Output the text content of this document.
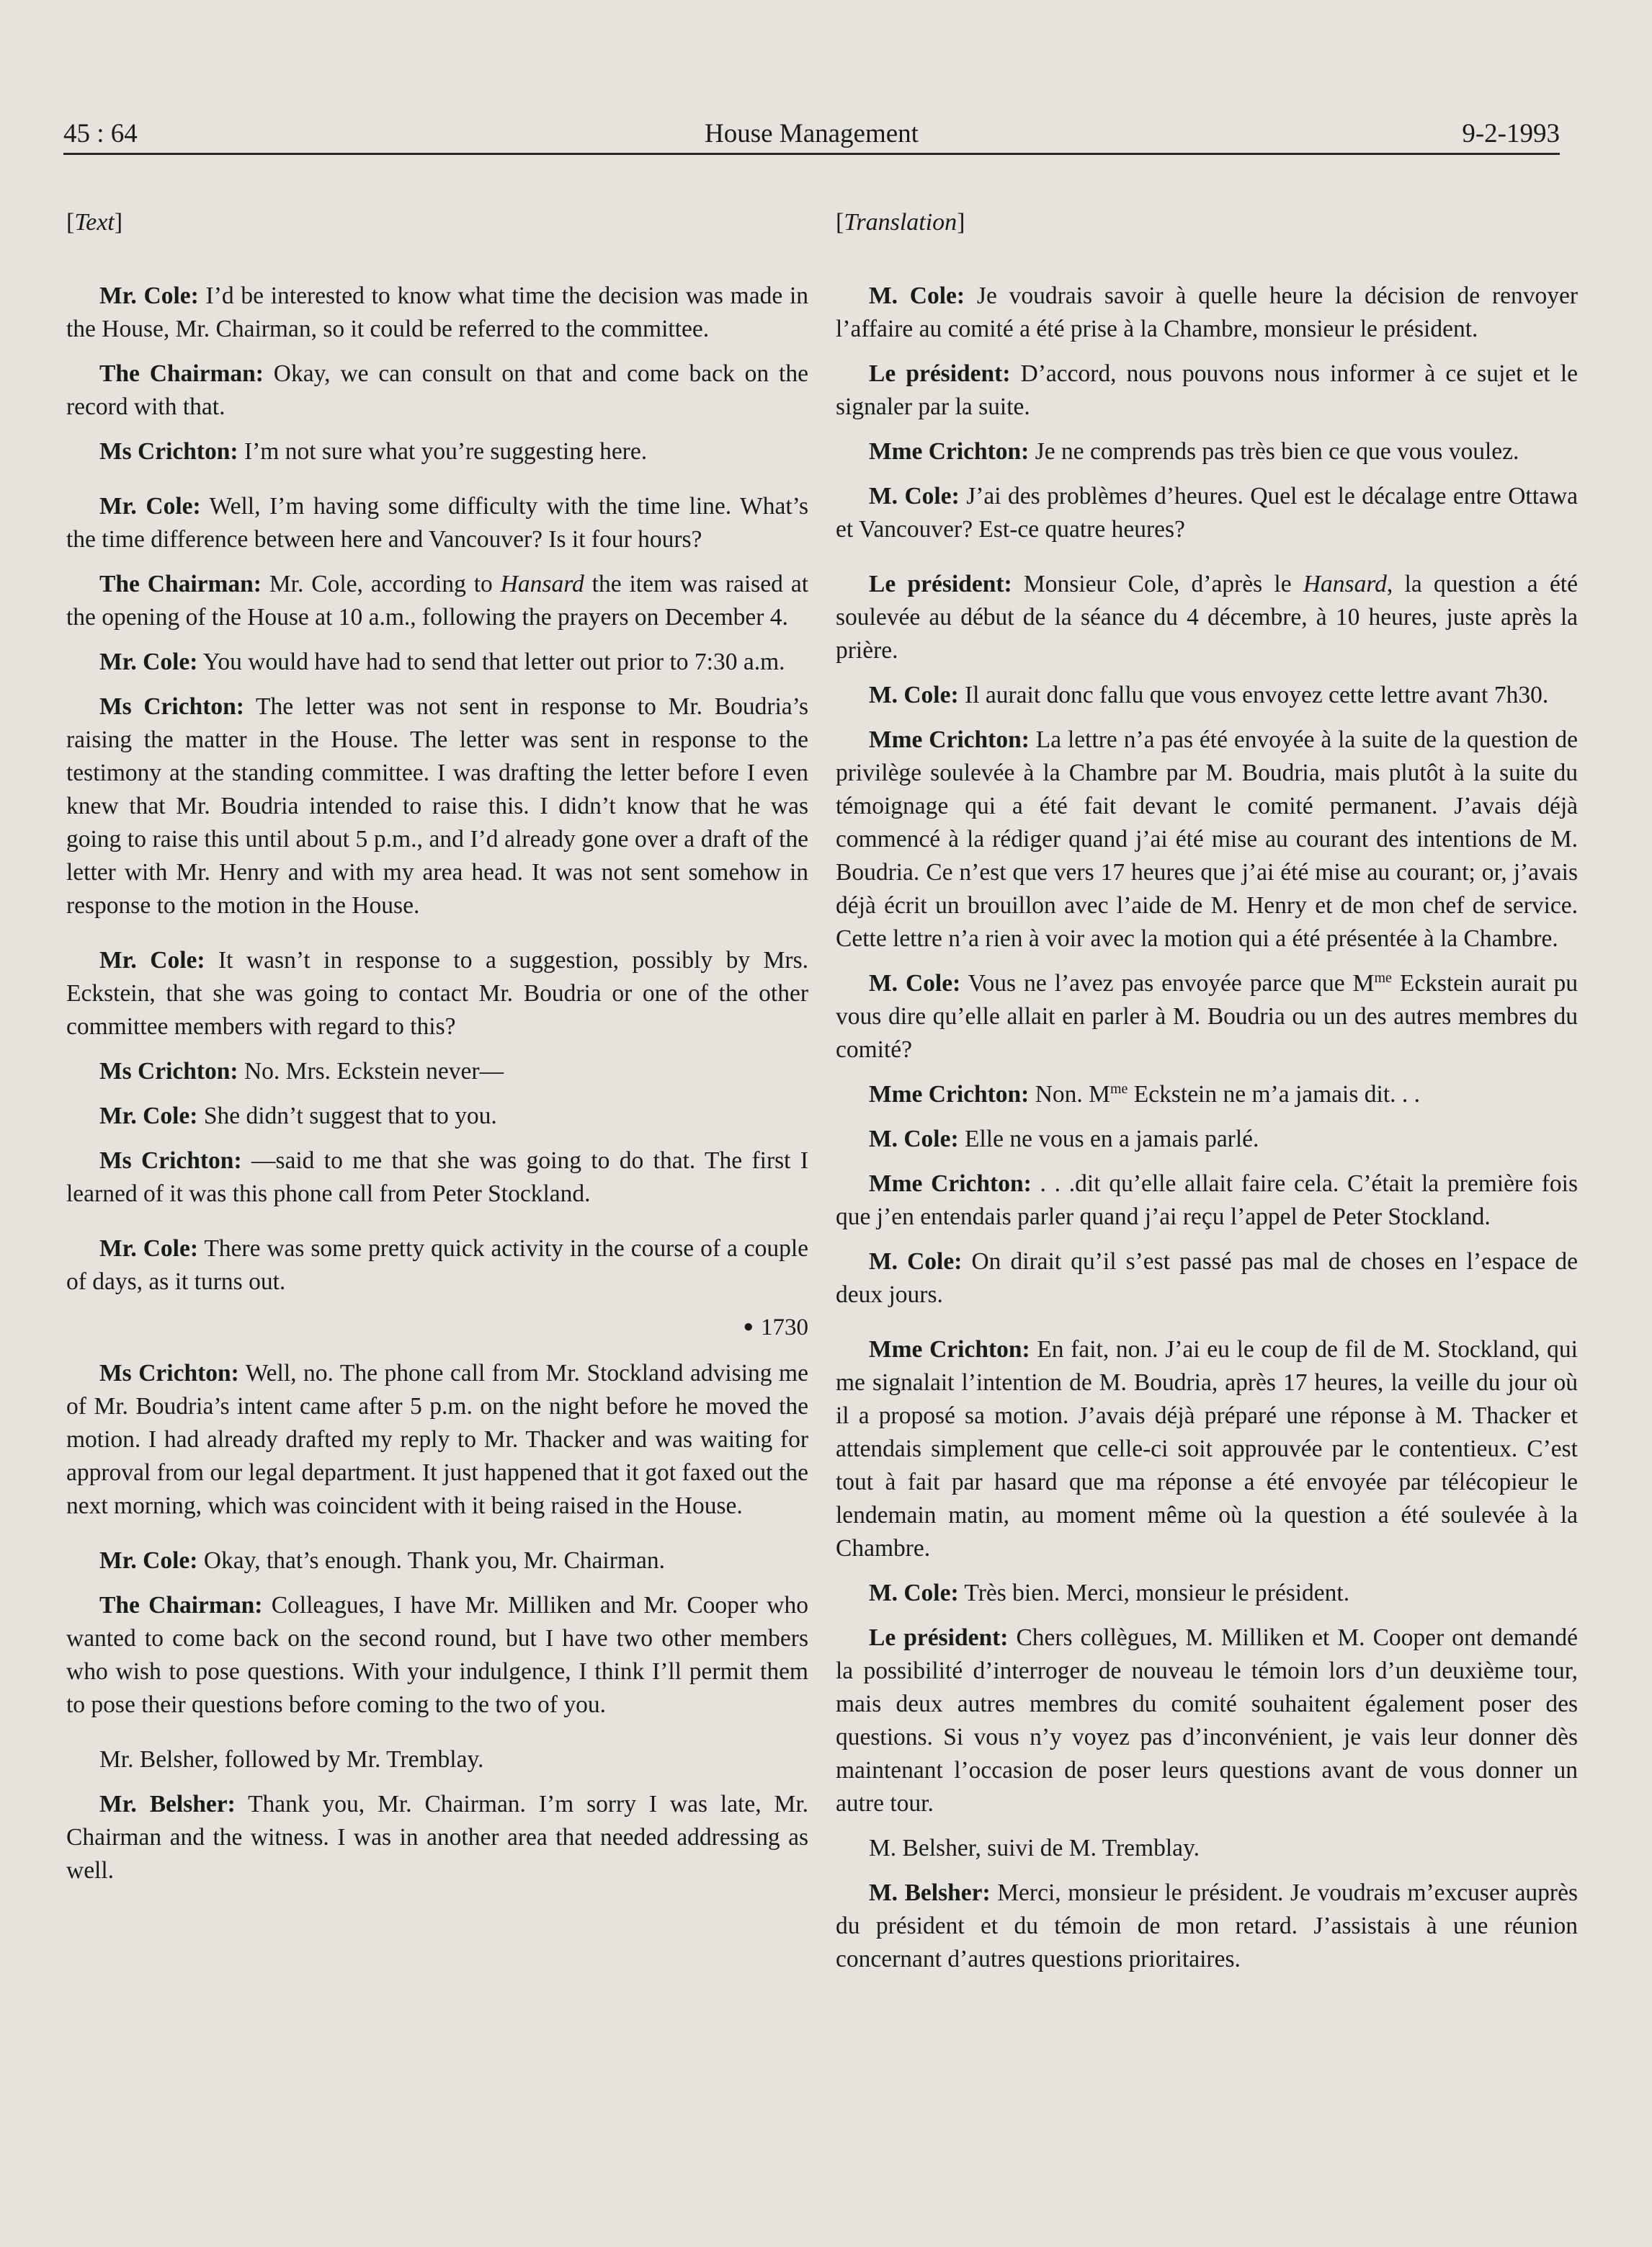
45 : 64	House Management	9-2-1993
[Text]

Mr. Cole: I’d be interested to know what time the decision was made in the House, Mr. Chairman, so it could be referred to the committee.

The Chairman: Okay, we can consult on that and come back on the record with that.

Ms Crichton: I’m not sure what you’re suggesting here.

Mr. Cole: Well, I’m having some difficulty with the time line. What’s the time difference between here and Vancouver? Is it four hours?

The Chairman: Mr. Cole, according to Hansard the item was raised at the opening of the House at 10 a.m., following the prayers on December 4.

Mr. Cole: You would have had to send that letter out prior to 7:30 a.m.

Ms Crichton: The letter was not sent in response to Mr. Boudria’s raising the matter in the House. The letter was sent in response to the testimony at the standing committee. I was drafting the letter before I even knew that Mr. Boudria intended to raise this. I didn’t know that he was going to raise this until about 5 p.m., and I’d already gone over a draft of the letter with Mr. Henry and with my area head. It was not sent somehow in response to the motion in the House.

Mr. Cole: It wasn’t in response to a suggestion, possibly by Mrs. Eckstein, that she was going to contact Mr. Boudria or one of the other committee members with regard to this?

Ms Crichton: No. Mrs. Eckstein never—

Mr. Cole: She didn’t suggest that to you.

Ms Crichton: —said to me that she was going to do that. The first I learned of it was this phone call from Peter Stockland.

Mr. Cole: There was some pretty quick activity in the course of a couple of days, as it turns out.

● 1730

Ms Crichton: Well, no. The phone call from Mr. Stockland advising me of Mr. Boudria’s intent came after 5 p.m. on the night before he moved the motion. I had already drafted my reply to Mr. Thacker and was waiting for approval from our legal department. It just happened that it got faxed out the next morning, which was coincident with it being raised in the House.

Mr. Cole: Okay, that’s enough. Thank you, Mr. Chairman.

The Chairman: Colleagues, I have Mr. Milliken and Mr. Cooper who wanted to come back on the second round, but I have two other members who wish to pose questions. With your indulgence, I think I’ll permit them to pose their questions before coming to the two of you.

Mr. Belsher, followed by Mr. Tremblay.

Mr. Belsher: Thank you, Mr. Chairman. I’m sorry I was late, Mr. Chairman and the witness. I was in another area that needed addressing as well.

[Translation]

M. Cole: Je voudrais savoir à quelle heure la décision de renvoyer l’affaire au comité a été prise à la Chambre, monsieur le président.

Le président: D’accord, nous pouvons nous informer à ce sujet et le signaler par la suite.

Mme Crichton: Je ne comprends pas très bien ce que vous voulez.

M. Cole: J’ai des problèmes d’heures. Quel est le décalage entre Ottawa et Vancouver? Est-ce quatre heures?

Le président: Monsieur Cole, d’après le Hansard, la question a été soulevée au début de la séance du 4 décembre, à 10 heures, juste après la prière.

M. Cole: Il aurait donc fallu que vous envoyez cette lettre avant 7h30.

Mme Crichton: La lettre n’a pas été envoyée à la suite de la question de privilège soulevée à la Chambre par M. Boudria, mais plutôt à la suite du témoignage qui a été fait devant le comité permanent. J’avais déjà commencé à la rédiger quand j’ai été mise au courant des intentions de M. Boudria. Ce n’est que vers 17 heures que j’ai été mise au courant; or, j’avais déjà écrit un brouillon avec l’aide de M. Henry et de mon chef de service. Cette lettre n’a rien à voir avec la motion qui a été présentée à la Chambre.

M. Cole: Vous ne l’avez pas envoyée parce que $M^{me}$ Eckstein aurait pu vous dire qu’elle allait en parler à M. Boudria ou un des autres membres du comité?

Mme Crichton: Non. $M^{me}$ Eckstein ne m’a jamais dit. . .

M. Cole: Elle ne vous en a jamais parlé.

Mme Crichton: . . .dit qu’elle allait faire cela. C’était la première fois que j’en entendais parler quand j’ai reçu l’appel de Peter Stockland.

M. Cole: On dirait qu’il s’est passé pas mal de choses en l’espace de deux jours.

Mme Crichton: En fait, non. J’ai eu le coup de fil de M. Stockland, qui me signalait l’intention de M. Boudria, après 17 heures, la veille du jour où il a proposé sa motion. J’avais déjà préparé une réponse à M. Thacker et attendais simplement que celle-ci soit approuvée par le contentieux. C’est tout à fait par hasard que ma réponse a été envoyée par télécopieur le lendemain matin, au moment même où la question a été soulevée à la Chambre.

M. Cole: Très bien. Merci, monsieur le président.

Le président: Chers collègues, M. Milliken et M. Cooper ont demandé la possibilité d’interroger de nouveau le témoin lors d’un deuxième tour, mais deux autres membres du comité souhaitent également poser des questions. Si vous n’y voyez pas d’inconvénient, je vais leur donner dès maintenant l’occasion de poser leurs questions avant de vous donner un autre tour.

M. Belsher, suivi de M. Tremblay.

M. Belsher: Merci, monsieur le président. Je voudrais m’excuser auprès du président et du témoin de mon retard. J’assistais à une réunion concernant d’autres questions prioritaires.
